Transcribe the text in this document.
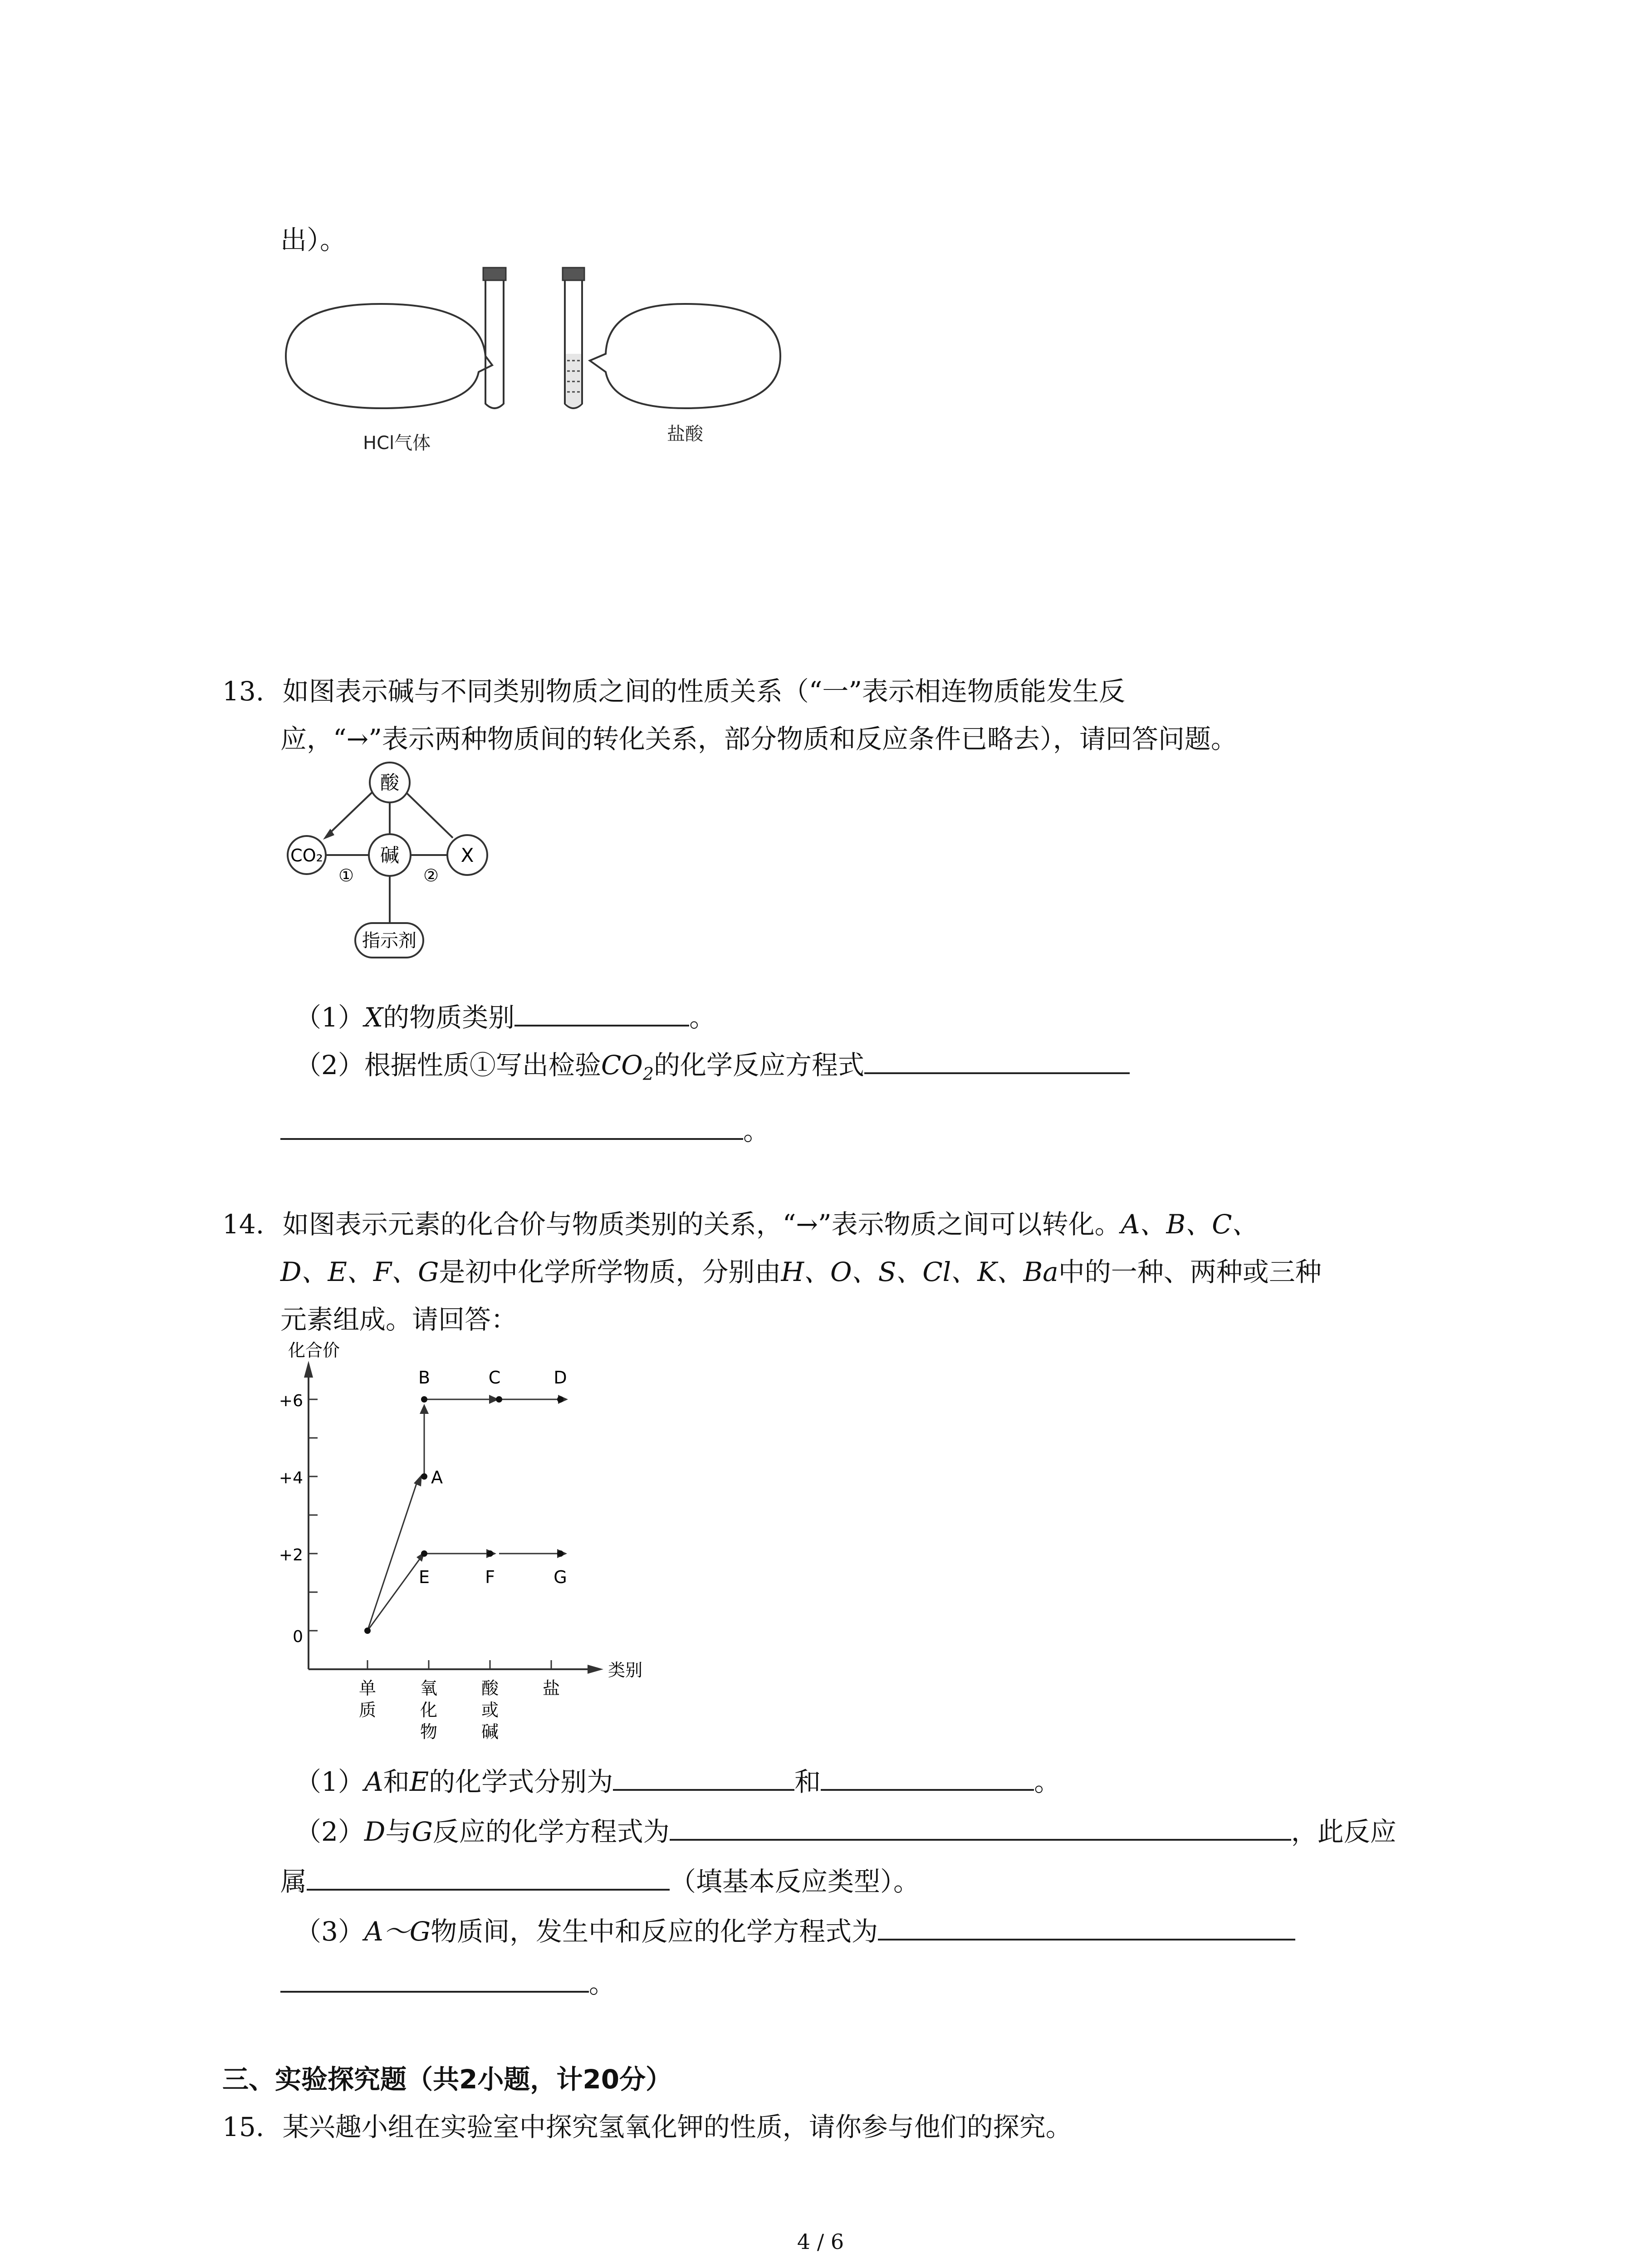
出）。
HCl气体	盐酸
13. 如图表示碱与不同类别物质之间的性质关系（“一”表示相连物质能发生反
应，“→”表示两种物质间的转化关系，部分物质和反应条件已略去），请回答问题。
酸
CO₂	碱	X
指示剂
①	②
（1）X的物质类别	。
（2）根据性质①写出检验$CO_2$的化学反应方程式
。
14. 如图表示元素的化合价与物质类别的关系，“→”表示物质之间可以转化。A、B、C、
D、E、F、G是初中化学所学物质，分别由H、O、S、Cl、K、Ba中的一种、两种或三种
元素组成。请回答：
化合价
类别
+6
+4
+2
0
单
质
氧
化
物
酸
或
碱
盐
A
B	C	D
E	F	G
（1）A和E的化学式分别为	和	。
（2）D与G反应的化学方程式为	，此反应
属	（填基本反应类型）。
（3）A～G物质间，发生中和反应的化学方程式为
。
三、实验探究题（共2小题，计20分）
15. 某兴趣小组在实验室中探究氢氧化钾的性质，请你参与他们的探究。
4 / 6
